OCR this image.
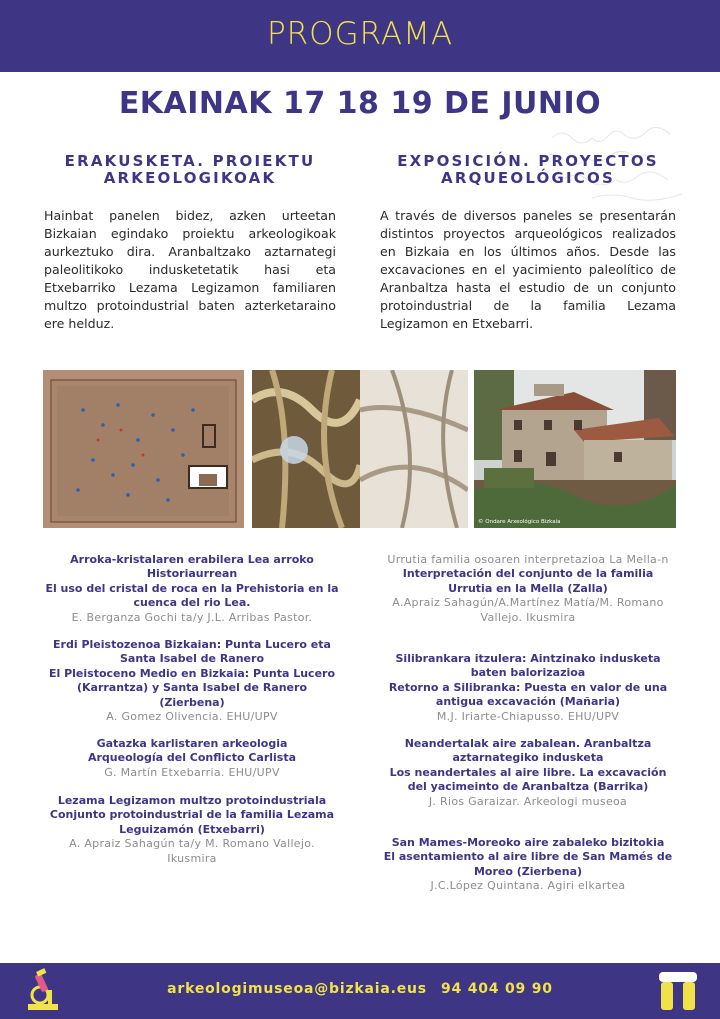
PROGRAMA
EKAINAK 17 18 19 DE JUNIO
ERAKUSKETA. PROIEKTU ARKEOLOGIKOAK
EXPOSICIÓN. PROYECTOS ARQUEOLÓGICOS
Hainbat panelen bidez, azken urteetan Bizkaian egindako proiektu arkeologikoak aurkeztuko dira. Aranbaltzako aztarnategi paleolitikoko indusketetatik hasi eta Etxebarriko Lezama Legizamon familiaren multzo protoindustrial baten azterketaraino ere helduz.
A través de diversos paneles se presentarán distintos proyectos arqueológicos realizados en Bizkaia en los últimos años. Desde las excavaciones en el yacimiento paleolítico de Aranbaltza hasta el estudio de un conjunto protoindustrial de la familia Lezama Legizamon en Etxebarri.
© Ondare Arxeológico Bizkaia
Arroka-kristalaren erabilera Lea arroko Historiaurrean
El uso del cristal de roca en la Prehistoria en la cuenca del rio Lea.
E. Berganza Gochi ta/y J.L. Arribas Pastor.
Erdi Pleistozenoa Bizkaian: Punta Lucero eta Santa Isabel de Ranero
El Pleistoceno Medio en Bizkaia: Punta Lucero (Karrantza) y Santa Isabel de Ranero (Zierbena)
A. Gomez Olivencia. EHU/UPV
Gatazka karlistaren arkeologia
Arqueología del Conflicto Carlista
G. Martín Etxebarria. EHU/UPV
Lezama Legizamon multzo protoindustriala
Conjunto protoindustrial de la familia Lezama Leguizamón (Etxebarri)
A. Apraiz Sahagún ta/y M. Romano Vallejo. Ikusmira
Urrutia familia osoaren interpretazioa La Mella-n
Interpretación del conjunto de la familia Urrutia en la Mella (Zalla)
A.Apraiz Sahagún/A.Martínez Matía/M. Romano Vallejo. Ikusmira
Silibrankara itzulera: Aintzinako indusketa baten balorizazioa
Retorno a Silibranka: Puesta en valor de una antigua excavación (Mañaria)
M.J. Iriarte-Chiapusso. EHU/UPV
Neandertalak aire zabalean. Aranbaltza aztarnategiko indusketa
Los neandertales al aire libre. La excavación del yacimeinto de Aranbaltza (Barrika)
J. Rios Garaizar. Arkeologi museoa
San Mames-Moreoko aire zabaleko bizitokia
El asentamiento al aire libre de San Mamés de Moreo (Zierbena)
J.C.López Quintana. Agiri elkartea
arkeologimuseoa@bizkaia.eus 94 404 09 90
